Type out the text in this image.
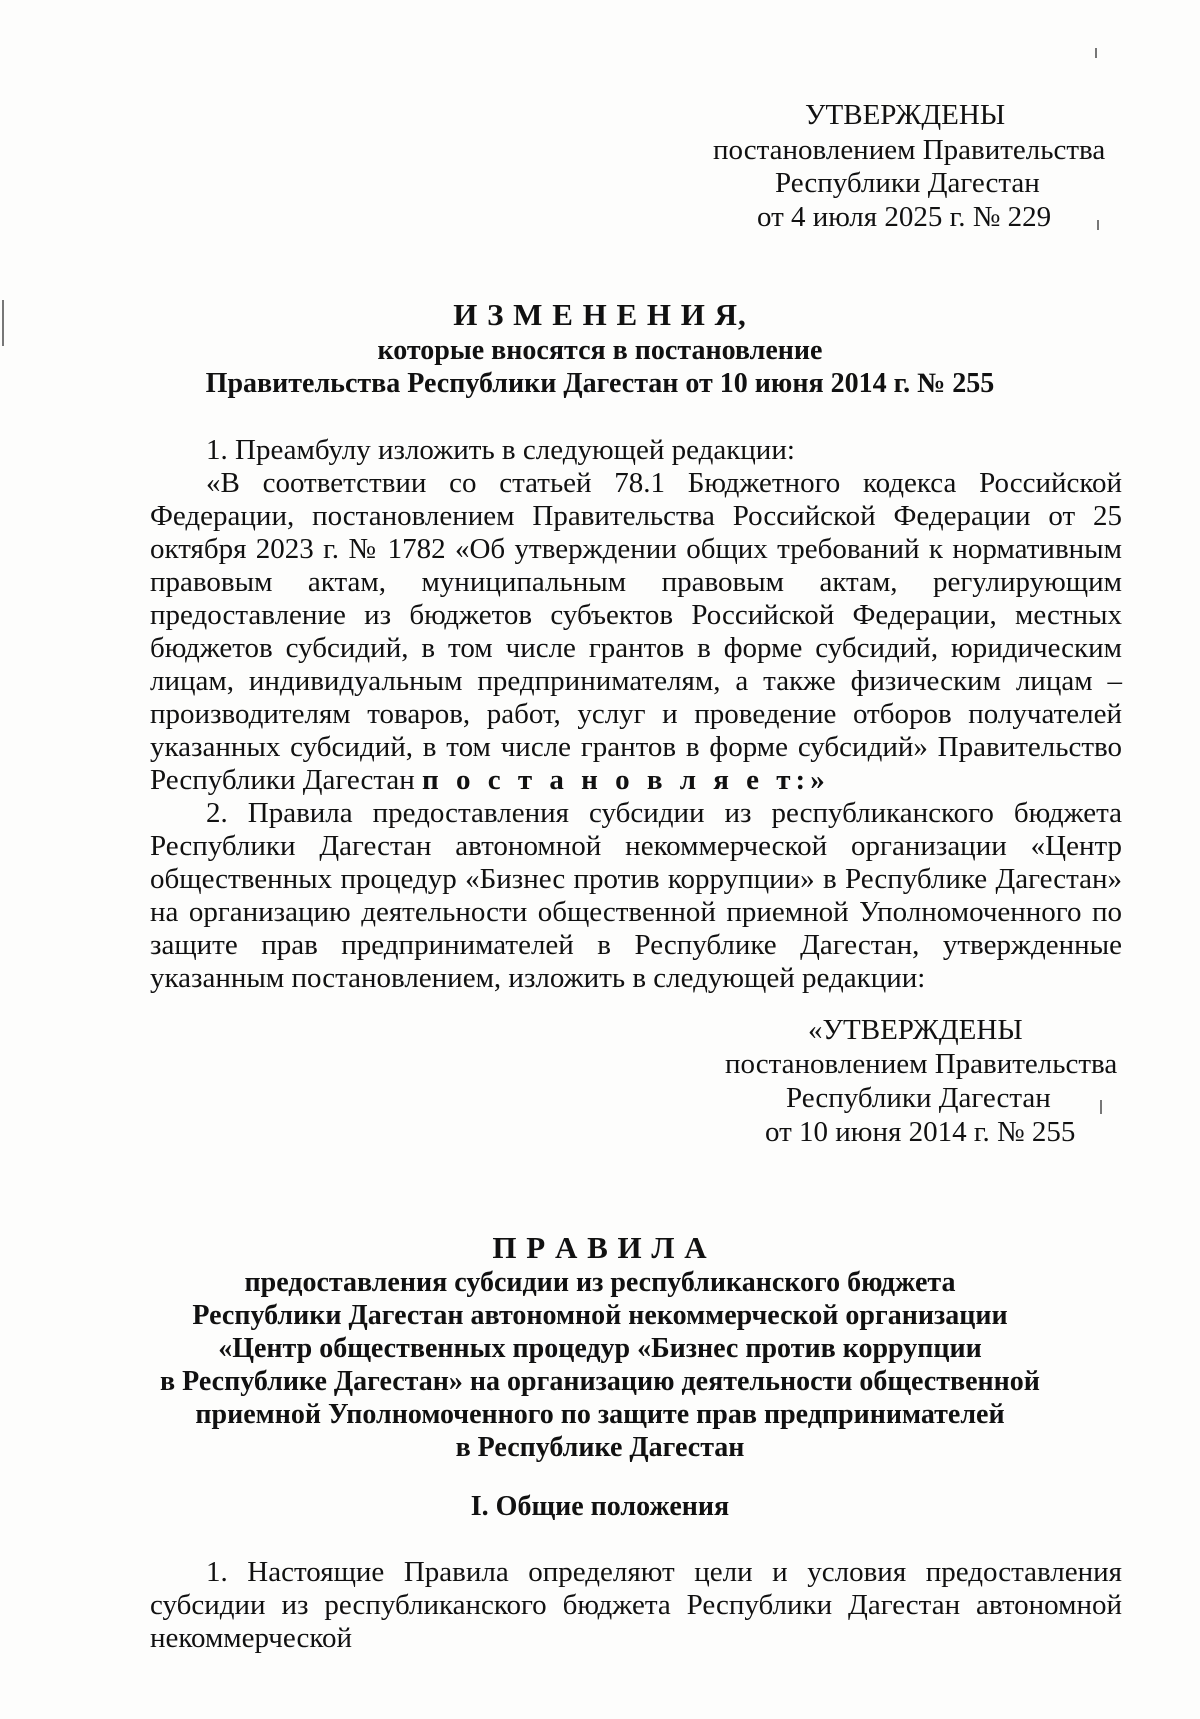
УТВЕРЖДЕНЫ
постановлением Правительства
Республики Дагестан
от 4 июля 2025 г. № 229
И З М Е Н Е Н И Я,
которые вносятся в постановление
Правительства Республики Дагестан от 10 июня 2014 г. № 255
1. Преамбулу изложить в следующей редакции:
«В соответствии со статьей 78.1 Бюджетного кодекса Российской Федерации, постановлением Правительства Российской Федерации от 25 октября 2023 г. № 1782 «Об утверждении общих требований к нормативным правовым актам, муниципальным правовым актам, регулирующим предоставление из бюджетов субъектов Российской Федерации, местных бюджетов субсидий, в том числе грантов в форме субсидий, юридическим лицам, индивидуальным предпринимателям, а также физическим лицам – производителям товаров, работ, услуг и проведение отборов получателей указанных субсидий, в том числе грантов в форме субсидий» Правительство Республики Дагестан п о с т а н о в л я е т:»
2. Правила предоставления субсидии из республиканского бюджета Республики Дагестан автономной некоммерческой организации «Центр общественных процедур «Бизнес против коррупции» в Республике Дагестан» на организацию деятельности общественной приемной Уполномоченного по защите прав предпринимателей в Республике Дагестан, утвержденные указанным постановлением, изложить в следующей редакции:
«УТВЕРЖДЕНЫ
постановлением Правительства
Республики Дагестан
от 10 июня 2014 г. № 255
П Р А В И Л А
предоставления субсидии из республиканского бюджета
Республики Дагестан автономной некоммерческой организации
«Центр общественных процедур «Бизнес против коррупции
в Республике Дагестан» на организацию деятельности общественной
приемной Уполномоченного по защите прав предпринимателей
в Республике Дагестан
I. Общие положения
1. Настоящие Правила определяют цели и условия предоставления субсидии из республиканского бюджета Республики Дагестан автономной некоммерческой
